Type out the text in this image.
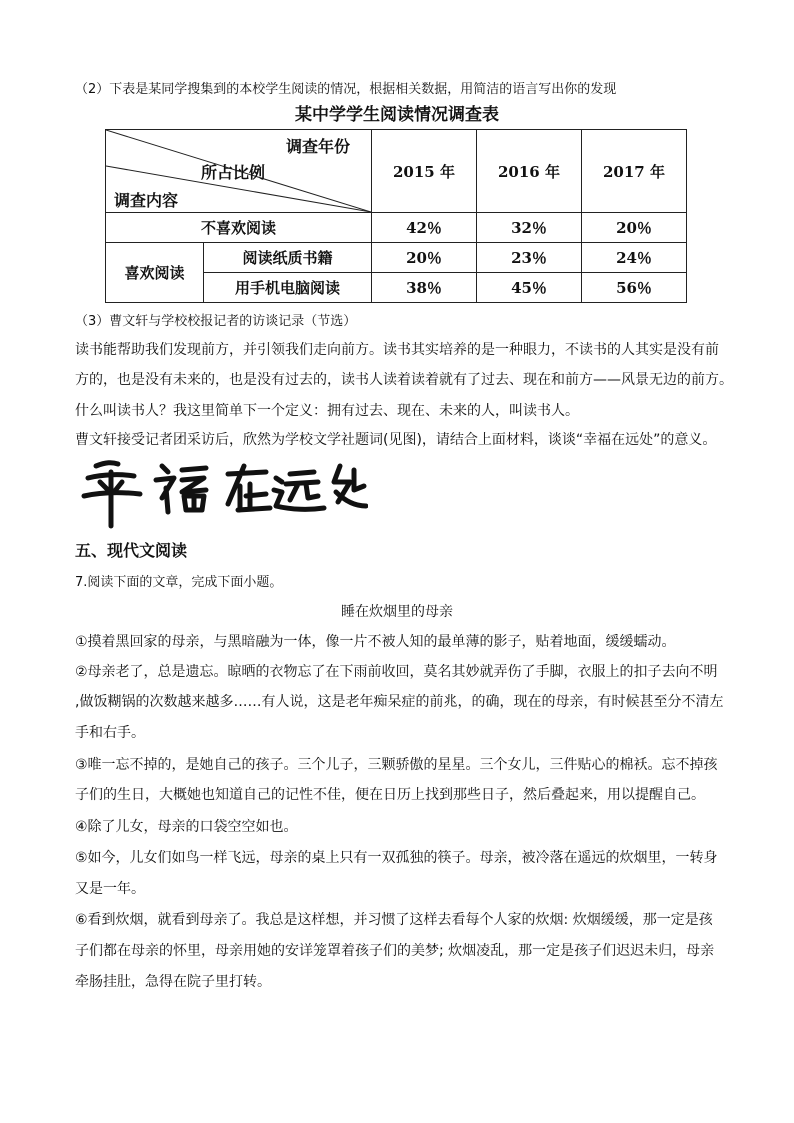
（2）下表是某同学搜集到的本校学生阅读的情况，根据相关数据，用简洁的语言写出你的发现
某中学学生阅读情况调查表
调查年份
所占比例
调查内容		2015 年	2016 年	2017 年
不喜欢阅读		42％	32％	20％
喜欢阅读	阅读纸质书籍	20％	23％	24％
	用手机电脑阅读	38％	45％	56％
（3）曹文轩与学校校报记者的访谈记录（节选）
读书能帮助我们发现前方，并引领我们走向前方。读书其实培养的是一种眼力，不读书的人其实是没有前
方的，也是没有未来的，也是没有过去的，读书人读着读着就有了过去、现在和前方——风景无边的前方。
什么叫读书人？我这里简单下一个定义：拥有过去、现在、未来的人，叫读书人。
曹文轩接受记者团采访后，欣然为学校文学社题词(见图)，请结合上面材料，谈谈“幸福在远处”的意义。
五、现代文阅读
7.阅读下面的文章，完成下面小题。
睡在炊烟里的母亲
①摸着黑回家的母亲，与黑暗融为一体，像一片不被人知的最单薄的影子，贴着地面，缓缓蠕动。
②母亲老了，总是遗忘。晾晒的衣物忘了在下雨前收回，莫名其妙就弄伤了手脚，衣服上的扣子去向不明
,做饭糊锅的次数越来越多……有人说，这是老年痴呆症的前兆，的确，现在的母亲，有时候甚至分不清左
手和右手。
③唯一忘不掉的，是她自己的孩子。三个儿子，三颗骄傲的星星。三个女儿，三件贴心的棉袄。忘不掉孩
子们的生日，大概她也知道自己的记性不佳，便在日历上找到那些日子，然后叠起来，用以提醒自己。
④除了儿女，母亲的口袋空空如也。
⑤如今，儿女们如鸟一样飞远，母亲的桌上只有一双孤独的筷子。母亲，被冷落在遥远的炊烟里，一转身
又是一年。
⑥看到炊烟，就看到母亲了。我总是这样想，并习惯了这样去看每个人家的炊烟: 炊烟缓缓，那一定是孩
子们都在母亲的怀里，母亲用她的安详笼罩着孩子们的美梦; 炊烟凌乱，那一定是孩子们迟迟未归，母亲
牵肠挂肚，急得在院子里打转。
